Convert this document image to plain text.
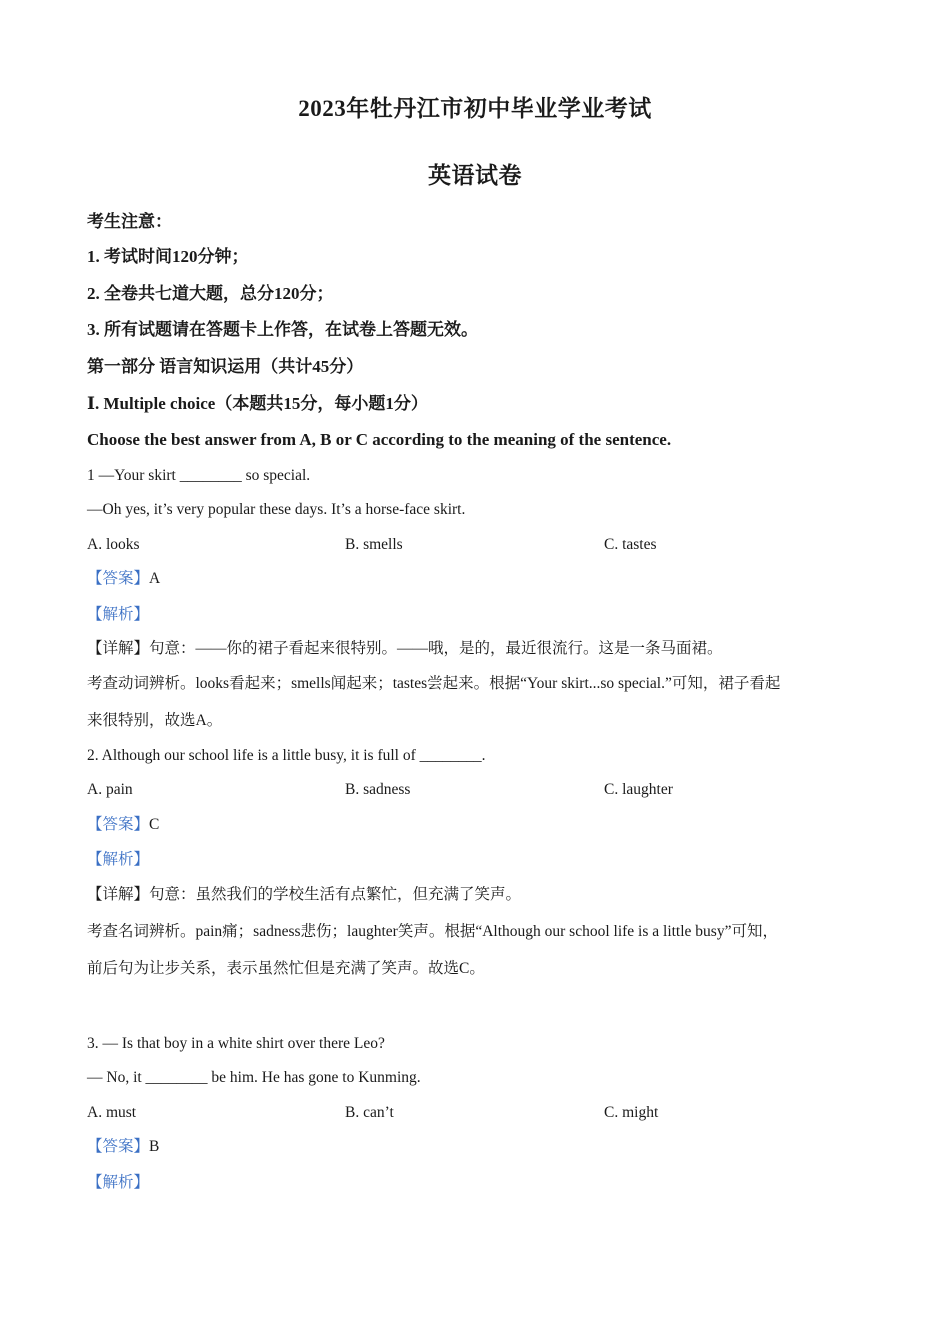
2023年牡丹江市初中毕业学业考试
英语试卷
考生注意：
1. 考试时间120分钟；
2. 全卷共七道大题，总分120分；
3. 所有试题请在答题卡上作答，在试卷上答题无效。
第一部分 语言知识运用（共计45分）
Ⅰ. Multiple choice（本题共15分，每小题1分）
Choose the best answer from A, B or C according to the meaning of the sentence.
1 —Your skirt ________ so special.
—Oh yes, it’s very popular these days. It’s a horse-face skirt.
A. looks	B. smells	C. tastes
【答案】A
【解析】
【详解】句意：——你的裙子看起来很特别。——哦，是的，最近很流行。这是一条马面裙。
考查动词辨析。looks看起来；smells闻起来；tastes尝起来。根据“Your skirt...so special.”可知，裙子看起
来很特别，故选A。
2. Although our school life is a little busy, it is full of ________.
A. pain	B. sadness	C. laughter
【答案】C
【解析】
【详解】句意：虽然我们的学校生活有点繁忙，但充满了笑声。
考查名词辨析。pain痛；sadness悲伤；laughter笑声。根据“Although our school life is a little busy”可知，
前后句为让步关系，表示虽然忙但是充满了笑声。故选C。
3. — Is that boy in a white shirt over there Leo?
— No, it ________ be him. He has gone to Kunming.
A. must	B. can’t	C. might
【答案】B
【解析】
